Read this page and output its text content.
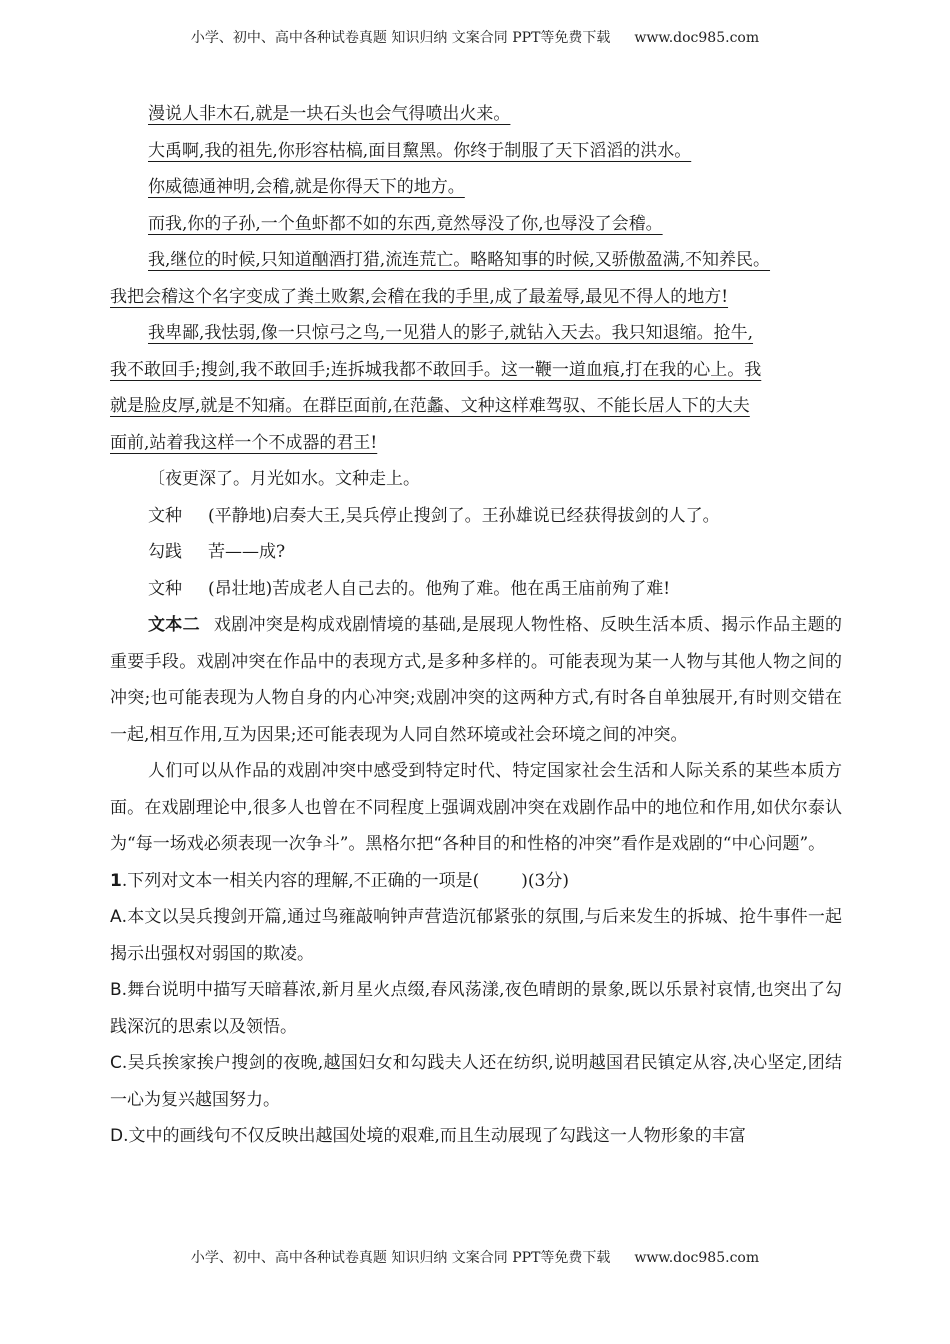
小学、初中、高中各种试卷真题 知识归纳 文案合同 PPT等免费下载 www.doc985.com
漫说人非木石,就是一块石头也会气得喷出火来。
大禹啊,我的祖先,你形容枯槁,面目黧黑。你终于制服了天下滔滔的洪水。
你威德通神明,会稽,就是你得天下的地方。
而我,你的子孙,一个鱼虾都不如的东西,竟然辱没了你,也辱没了会稽。
我,继位的时候,只知道酗酒打猎,流连荒亡。略略知事的时候,又骄傲盈满,不知养民。
我把会稽这个名字变成了粪土败絮,会稽在我的手里,成了最羞辱,最见不得人的地方!
我卑鄙,我怯弱,像一只惊弓之鸟,一见猎人的影子,就钻入天去。我只知退缩。抢牛,
我不敢回手;搜剑,我不敢回手;连拆城我都不敢回手。这一鞭一道血痕,打在我的心上。我
就是脸皮厚,就是不知痛。在群臣面前,在范蠡、文种这样难驾驭、不能长居人下的大夫
面前,站着我这样一个不成器的君王!
〔夜更深了。月光如水。文种走上。
文种 (平静地)启奏大王,吴兵停止搜剑了。王孙雄说已经获得拔剑的人了。
勾践 苦——成?
文种 (昂壮地)苦成老人自己去的。他殉了难。他在禹王庙前殉了难!
文本二 戏剧冲突是构成戏剧情境的基础,是展现人物性格、反映生活本质、揭示作品主题的重要手段。戏剧冲突在作品中的表现方式,是多种多样的。可能表现为某一人物与其他人物之间的冲突;也可能表现为人物自身的内心冲突;戏剧冲突的这两种方式,有时各自单独展开,有时则交错在一起,相互作用,互为因果;还可能表现为人同自然环境或社会环境之间的冲突。
人们可以从作品的戏剧冲突中感受到特定时代、特定国家社会生活和人际关系的某些本质方面。在戏剧理论中,很多人也曾在不同程度上强调戏剧冲突在戏剧作品中的地位和作用,如伏尔泰认为“每一场戏必须表现一次争斗”。黑格尔把“各种目的和性格的冲突”看作是戏剧的“中心问题”。
1.下列对文本一相关内容的理解,不正确的一项是( )(3分)
A.本文以吴兵搜剑开篇,通过鸟雍敲响钟声营造沉郁紧张的氛围,与后来发生的拆城、抢牛事件一起揭示出强权对弱国的欺凌。
B.舞台说明中描写天暗暮浓,新月星火点缀,春风荡漾,夜色晴朗的景象,既以乐景衬哀情,也突出了勾践深沉的思索以及领悟。
C.吴兵挨家挨户搜剑的夜晚,越国妇女和勾践夫人还在纺织,说明越国君民镇定从容,决心坚定,团结一心为复兴越国努力。
D.文中的画线句不仅反映出越国处境的艰难,而且生动展现了勾践这一人物形象的丰富
小学、初中、高中各种试卷真题 知识归纳 文案合同 PPT等免费下载 www.doc985.com
